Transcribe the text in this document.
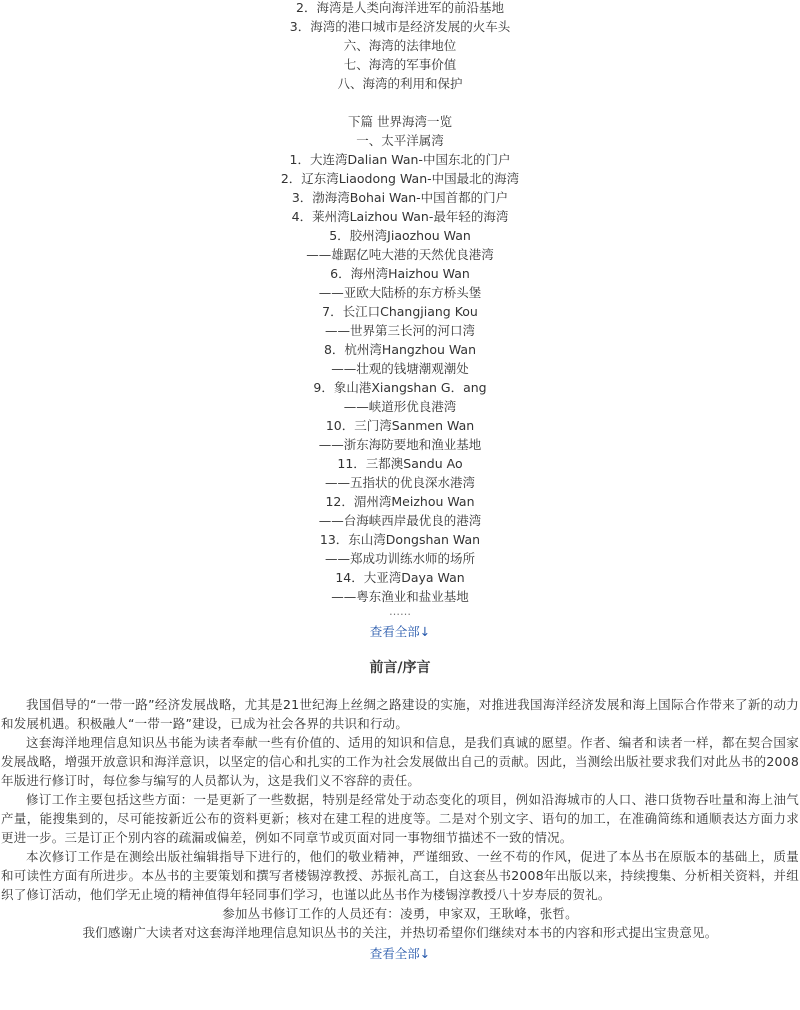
2．海湾是人类向海洋进军的前沿基地
3．海湾的港口城市是经济发展的火车头
六、海湾的法律地位
七、海湾的军事价值
八、海湾的利用和保护
下篇 世界海湾一览
一、太平洋属湾
1．大连湾Dalian Wan-中国东北的门户
2．辽东湾Liaodong Wan-中国最北的海湾
3．渤海湾Bohai Wan-中国首都的门户
4．莱州湾Laizhou Wan-最年轻的海湾
5．胶州湾Jiaozhou Wan
——雄踞亿吨大港的天然优良港湾
6．海州湾Haizhou Wan
——亚欧大陆桥的东方桥头堡
7．长江口Changjiang Kou
——世界第三长河的河口湾
8．杭州湾Hangzhou Wan
——壮观的钱塘潮观潮处
9．象山港Xiangshan G．ang
——峡道形优良港湾
10．三门湾Sanmen Wan
——浙东海防要地和渔业基地
11．三都澳Sandu Ao
——五指状的优良深水港湾
12．湄州湾Meizhou Wan
——台海峡西岸最优良的港湾
13．东山湾Dongshan Wan
——郑成功训练水师的场所
14．大亚湾Daya Wan
——粤东渔业和盐业基地
……
查看全部↓
前言/序言

我国倡导的“一带一路”经济发展战略，尤其是21世纪海上丝绸之路建设的实施，对推进我国海洋经济发展和海上国际合作带来了新的动力和发展机遇。积极融人“一带一路”建设，已成为社会各界的共识和行动。

这套海洋地理信息知识丛书能为读者奉献一些有价值的、适用的知识和信息，是我们真诚的愿望。作者、编者和读者一样，都在契合国家发展战略，增强开放意识和海洋意识，以坚定的信心和扎实的工作为社会发展做出自己的贡献。因此，当测绘出版社要求我们对此丛书的2008年版进行修订时，每位参与编写的人员都认为，这是我们义不容辞的责任。

修订工作主要包括这些方面：一是更新了一些数据，特别是经常处于动态变化的项目，例如沿海城市的人口、港口货物吞吐量和海上油气产量，能搜集到的，尽可能按新近公布的资料更新；核对在建工程的进度等。二是对个别文字、语句的加工，在准确简练和通顺表达方面力求更进一步。三是订正个别内容的疏漏或偏差，例如不同章节或页面对同一事物细节描述不一致的情况。

本次修订工作是在测绘出版社编辑指导下进行的，他们的敬业精神，严谨细致、一丝不苟的作风，促进了本丛书在原版本的基础上，质量和可读性方面有所进步。本丛书的主要策划和撰写者楼锡淳教授、苏振礼高工，自这套丛书2008年出版以来，持续搜集、分析相关资料，并组织了修订活动，他们学无止境的精神值得年轻同事们学习，也谨以此丛书作为楼锡淳教授八十岁寿辰的贺礼。

参加丛书修订工作的人员还有：凌勇，申家双，王耿峰，张哲。

我们感谢广大读者对这套海洋地理信息知识丛书的关注，并热切希望你们继续对本书的内容和形式提出宝贵意见。

查看全部↓
